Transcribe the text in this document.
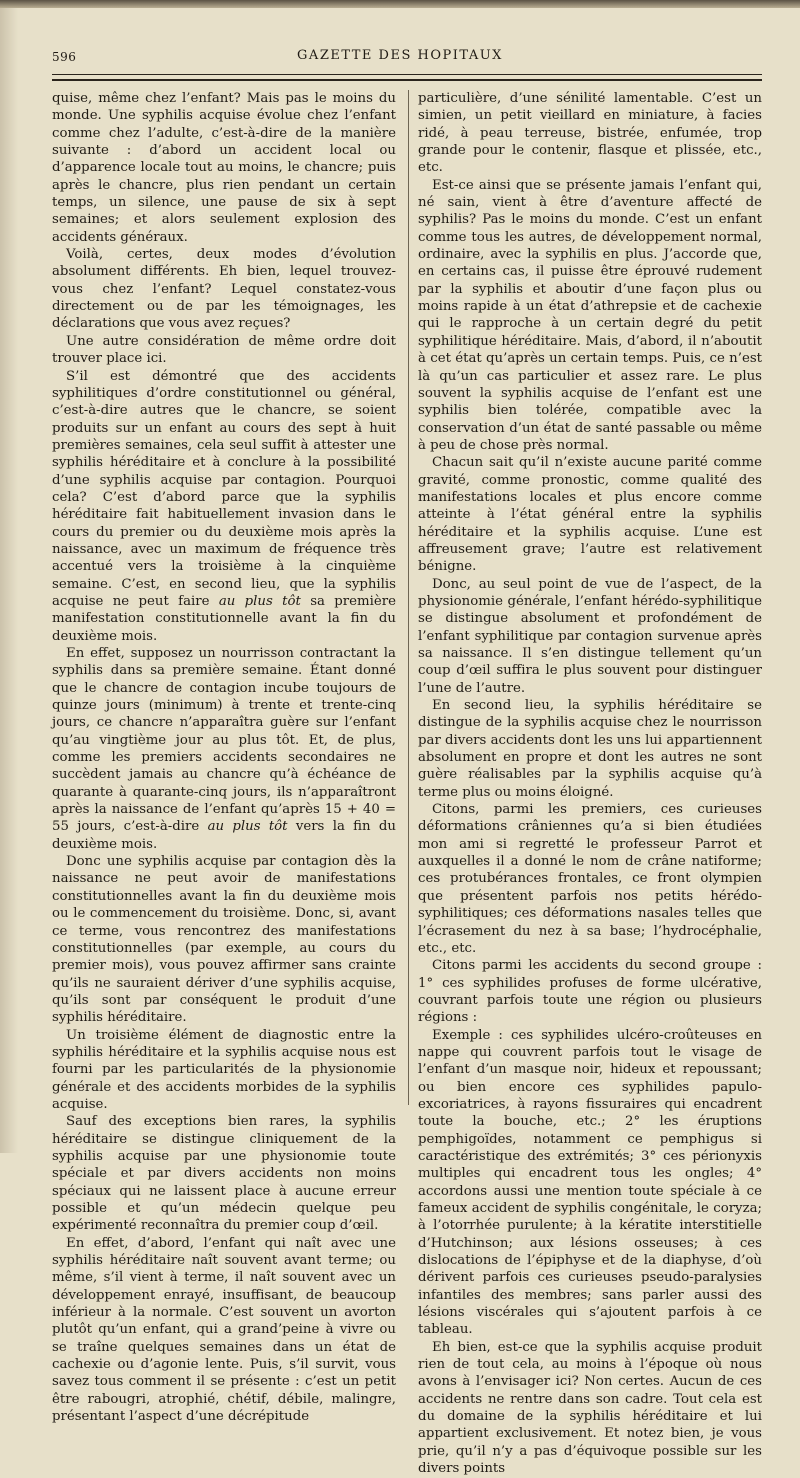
596	GAZETTE DES HOPITAUX

quise, même chez l’enfant? Mais pas le moins du monde. Une syphilis acquise évolue chez l’enfant comme chez l’adulte, c’est-à-dire de la manière suivante : d’abord un accident local ou d’apparence locale tout au moins, le chancre; puis après le chancre, plus rien pendant un certain temps, un silence, une pause de six à sept semaines; et alors seulement explosion des accidents généraux.

Voilà, certes, deux modes d’évolution absolument différents. Eh bien, lequel trouvez-vous chez l’enfant? Lequel constatez-vous directement ou de par les témoignages, les déclarations que vous avez reçues?

Une autre considération de même ordre doit trouver place ici.

S’il est démontré que des accidents syphilitiques d’ordre constitutionnel ou général, c’est-à-dire autres que le chancre, se soient produits sur un enfant au cours des sept à huit premières semaines, cela seul suffit à attester une syphilis héréditaire et à conclure à la possibilité d’une syphilis acquise par contagion. Pourquoi cela? C’est d’abord parce que la syphilis héréditaire fait habituellement invasion dans le cours du premier ou du deuxième mois après la naissance, avec un maximum de fréquence très accentué vers la troisième à la cinquième semaine. C’est, en second lieu, que la syphilis acquise ne peut faire au plus tôt sa première manifestation constitutionnelle avant la fin du deuxième mois.

En effet, supposez un nourrisson contractant la syphilis dans sa première semaine. Étant donné que le chancre de contagion incube toujours de quinze jours (minimum) à trente et trente-cinq jours, ce chancre n’apparaîtra guère sur l’enfant qu’au vingtième jour au plus tôt. Et, de plus, comme les premiers accidents secondaires ne succèdent jamais au chancre qu’à échéance de quarante à quarante-cinq jours, ils n’apparaîtront après la naissance de l’enfant qu’après 15 + 40 = 55 jours, c’est-à-dire au plus tôt vers la fin du deuxième mois.

Donc une syphilis acquise par contagion dès la naissance ne peut avoir de manifestations constitutionnelles avant la fin du deuxième mois ou le commencement du troisième. Donc, si, avant ce terme, vous rencontrez des manifestations constitutionnelles (par exemple, au cours du premier mois), vous pouvez affirmer sans crainte qu’ils ne sauraient dériver d’une syphilis acquise, qu’ils sont par conséquent le produit d’une syphilis héréditaire.

Un troisième élément de diagnostic entre la syphilis héréditaire et la syphilis acquise nous est fourni par les particularités de la physionomie générale et des accidents morbides de la syphilis acquise.

Sauf des exceptions bien rares, la syphilis héréditaire se distingue cliniquement de la syphilis acquise par une physionomie toute spéciale et par divers accidents non moins spéciaux qui ne laissent place à aucune erreur possible et qu’un médecin quelque peu expérimenté reconnaîtra du premier coup d’œil.

En effet, d’abord, l’enfant qui naît avec une syphilis héréditaire naît souvent avant terme; ou même, s’il vient à terme, il naît souvent avec un développement enrayé, insuffisant, de beaucoup inférieur à la normale. C’est souvent un avorton plutôt qu’un enfant, qui a grand’peine à vivre ou se traîne quelques semaines dans un état de cachexie ou d’agonie lente. Puis, s’il survit, vous savez tous comment il se présente : c’est un petit être rabougri, atrophié, chétif, débile, malingre, présentant l’aspect d’une décrépitude

particulière, d’une sénilité lamentable. C’est un simien, un petit vieillard en miniature, à facies ridé, à peau terreuse, bistrée, enfumée, trop grande pour le contenir, flasque et plissée, etc., etc.

Est-ce ainsi que se présente jamais l’enfant qui, né sain, vient à être d’aventure affecté de syphilis? Pas le moins du monde. C’est un enfant comme tous les autres, de développement normal, ordinaire, avec la syphilis en plus. J’accorde que, en certains cas, il puisse être éprouvé rudement par la syphilis et aboutir d’une façon plus ou moins rapide à un état d’athrepsie et de cachexie qui le rapproche à un certain degré du petit syphilitique héréditaire. Mais, d’abord, il n’aboutit à cet état qu’après un certain temps. Puis, ce n’est là qu’un cas particulier et assez rare. Le plus souvent la syphilis acquise de l’enfant est une syphilis bien tolérée, compatible avec la conservation d’un état de santé passable ou même à peu de chose près normal.

Chacun sait qu’il n’existe aucune parité comme gravité, comme pronostic, comme qualité des manifestations locales et plus encore comme atteinte à l’état général entre la syphilis héréditaire et la syphilis acquise. L’une est affreusement grave; l’autre est relativement bénigne.

Donc, au seul point de vue de l’aspect, de la physionomie générale, l’enfant hérédo-syphilitique se distingue absolument et profondément de l’enfant syphilitique par contagion survenue après sa naissance. Il s’en distingue tellement qu’un coup d’œil suffira le plus souvent pour distinguer l’une de l’autre.

En second lieu, la syphilis héréditaire se distingue de la syphilis acquise chez le nourrisson par divers accidents dont les uns lui appartiennent absolument en propre et dont les autres ne sont guère réalisables par la syphilis acquise qu’à terme plus ou moins éloigné.

Citons, parmi les premiers, ces curieuses déformations crâniennes qu’a si bien étudiées mon ami si regretté le professeur Parrot et auxquelles il a donné le nom de crâne natiforme; ces protubérances frontales, ce front olympien que présentent parfois nos petits hérédo-syphilitiques; ces déformations nasales telles que l’écrasement du nez à sa base; l’hydrocéphalie, etc., etc.

Citons parmi les accidents du second groupe : 1° ces syphilides profuses de forme ulcérative, couvrant parfois toute une région ou plusieurs régions :

Exemple : ces syphilides ulcéro-croûteuses en nappe qui couvrent parfois tout le visage de l’enfant d’un masque noir, hideux et repoussant; ou bien encore ces syphilides papulo-excoriatrices, à rayons fissuraires qui encadrent toute la bouche, etc.; 2° les éruptions pemphigoïdes, notamment ce pemphigus si caractéristique des extrémités; 3° ces périonyxis multiples qui encadrent tous les ongles; 4° accordons aussi une mention toute spéciale à ce fameux accident de syphilis congénitale, le coryza; à l’otorrhée purulente; à la kératite interstitielle d’Hutchinson; aux lésions osseuses; à ces dislocations de l’épiphyse et de la diaphyse, d’où dérivent parfois ces curieuses pseudo-paralysies infantiles des membres; sans parler aussi des lésions viscérales qui s’ajoutent parfois à ce tableau.

Eh bien, est-ce que la syphilis acquise produit rien de tout cela, au moins à l’époque où nous avons à l’envisager ici? Non certes. Aucun de ces accidents ne rentre dans son cadre. Tout cela est du domaine de la syphilis héréditaire et lui appartient exclusivement. Et notez bien, je vous prie, qu’il n’y a pas d’équivoque possible sur les divers points
